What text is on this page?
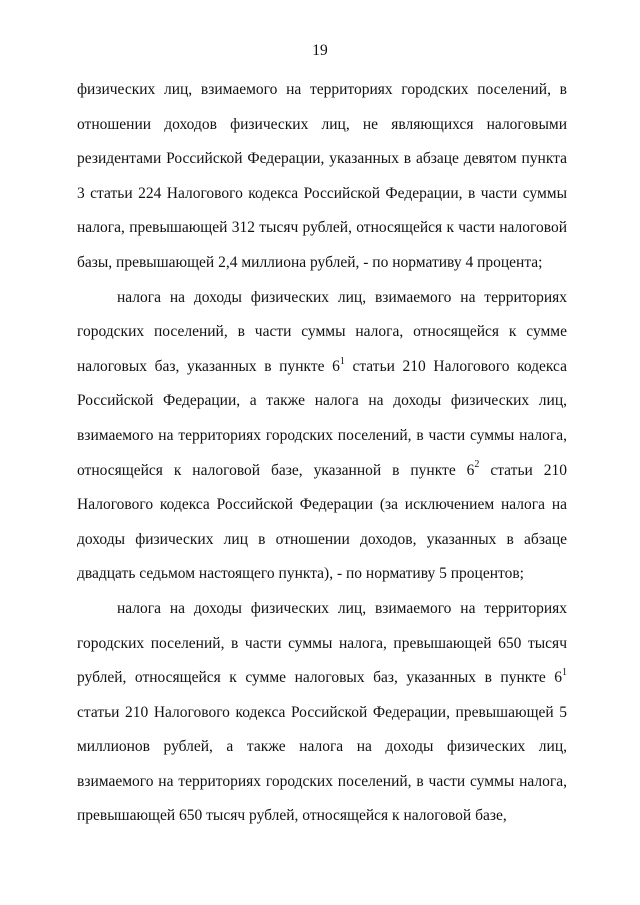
19

физических лиц, взимаемого на территориях городских поселений, в отношении доходов физических лиц, не являющихся налоговыми резидентами Российской Федерации, указанных в абзаце девятом пункта 3 статьи 224 Налогового кодекса Российской Федерации, в части суммы налога, превышающей 312 тысяч рублей, относящейся к части налоговой базы, превышающей 2,4 миллиона рублей, - по нормативу 4 процента;

налога на доходы физических лиц, взимаемого на территориях городских поселений, в части суммы налога, относящейся к сумме налоговых баз, указанных в пункте $6^1$ статьи 210 Налогового кодекса Российской Федерации, а также налога на доходы физических лиц, взимаемого на территориях городских поселений, в части суммы налога, относящейся к налоговой базе, указанной в пункте $6^2$ статьи 210 Налогового кодекса Российской Федерации (за исключением налога на доходы физических лиц в отношении доходов, указанных в абзаце двадцать седьмом настоящего пункта), - по нормативу 5 процентов;

налога на доходы физических лиц, взимаемого на территориях городских поселений, в части суммы налога, превышающей 650 тысяч рублей, относящейся к сумме налоговых баз, указанных в пункте $6^1$ статьи 210 Налогового кодекса Российской Федерации, превышающей 5 миллионов рублей, а также налога на доходы физических лиц, взимаемого на территориях городских поселений, в части суммы налога, превышающей 650 тысяч рублей, относящейся к налоговой базе,
